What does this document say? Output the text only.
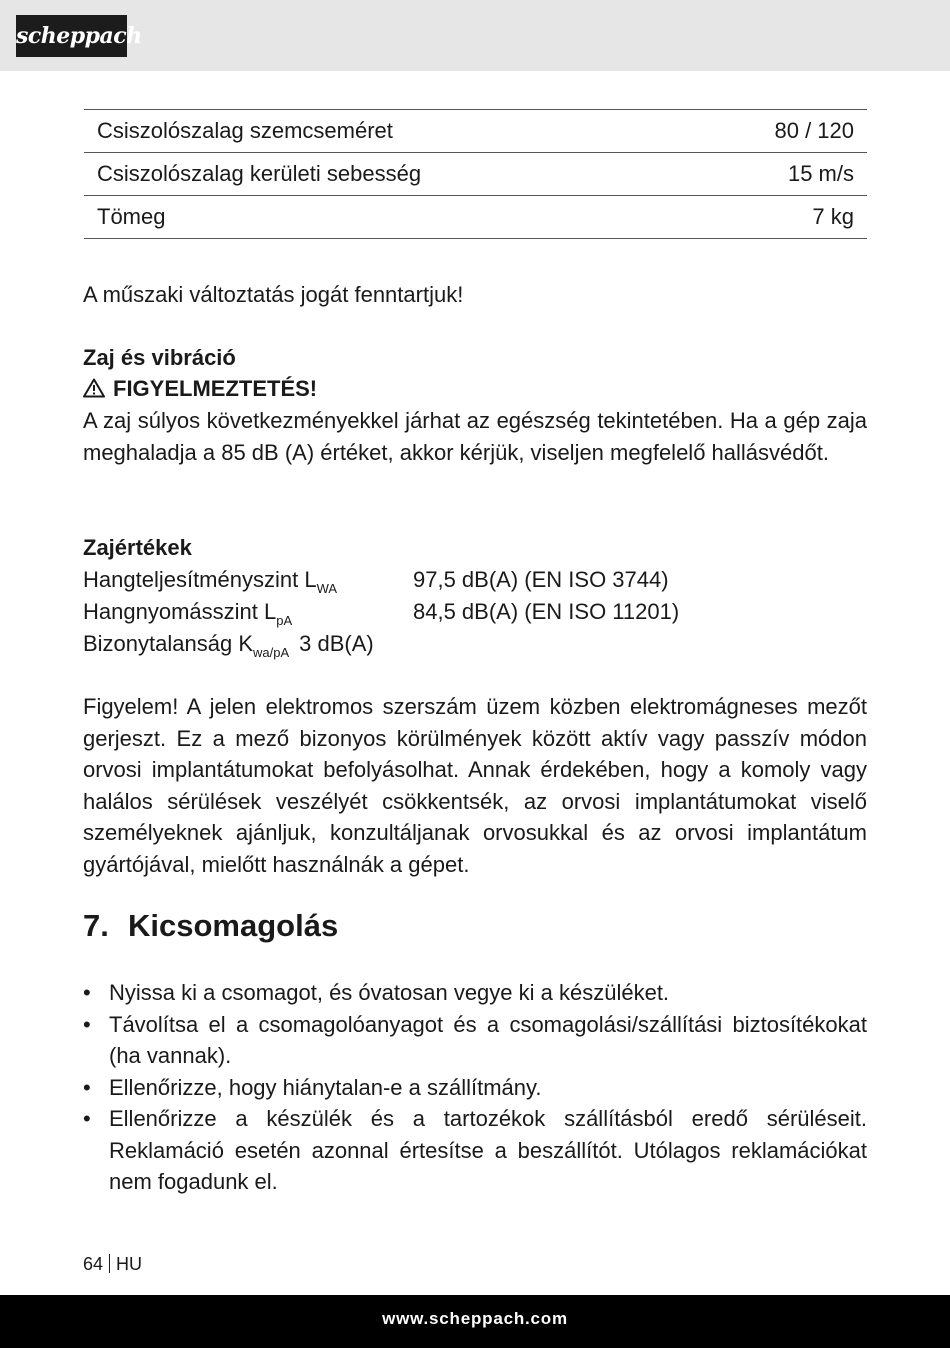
scheppach
Csiszolószalag szemcseméret	80 / 120
Csiszolószalag kerületi sebesség	15 m/s
Tömeg	7 kg
A műszaki változtatás jogát fenntartjuk!
Zaj és vibráció
FIGYELMEZTETÉS!
A zaj súlyos következményekkel járhat az egészség tekintetében. Ha a gép zaja meghaladja a 85 dB (A) értéket, akkor kérjük, viseljen megfelelő hallásvédőt.
Zajértékek
Hangteljesítményszint $L_{WA}$	97,5 dB(A) (EN ISO 3744)
Hangnyomásszint $L_{pA}$	84,5 dB(A) (EN ISO 11201)
Bizonytalanság $K_{wa/pA}$ 3 dB(A)
Figyelem! A jelen elektromos szerszám üzem közben elektromágneses mezőt gerjeszt. Ez a mező bizonyos körülmények között aktív vagy passzív módon orvosi implantátumokat befolyásolhat. Annak érdekében, hogy a komoly vagy halálos sérülések veszélyét csökkentsék, az orvosi implantátumokat viselő személyeknek ajánljuk, konzultáljanak orvosukkal és az orvosi implantátum gyártójával, mielőtt használnák a gépet.
7. Kicsomagolás
• Nyissa ki a csomagot, és óvatosan vegye ki a készüléket.
• Távolítsa el a csomagolóanyagot és a csomagolási/szállítási biztosítékokat (ha vannak).
• Ellenőrizze, hogy hiánytalan-e a szállítmány.
• Ellenőrizze a készülék és a tartozékok szállításból eredő sérüléseit. Reklamáció esetén azonnal értesítse a beszállítót. Utólagos reklamációkat nem fogadunk el.
64 HU
www.scheppach.com
